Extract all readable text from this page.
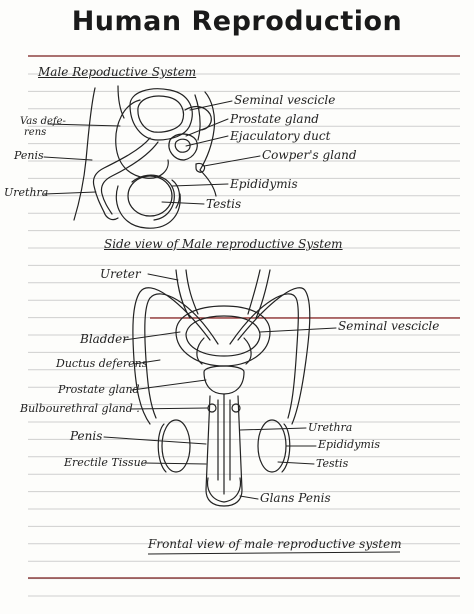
Human Reproduction
Male Repoductive System
Seminal vescicle
Prostate gland
Ejaculatory duct
Cowper's gland
Epididymis
Testis
Vas defe-
rens
Penis
Urethra
Side view of Male reproductive System
Ureter
Bladder
Ductus deferens
Prostate gland
Bulbourethral gland .
Penis
Erectile Tissue
Seminal vescicle
Urethra
Epididymis
Testis
Glans Penis
Frontal view of male reproductive system
